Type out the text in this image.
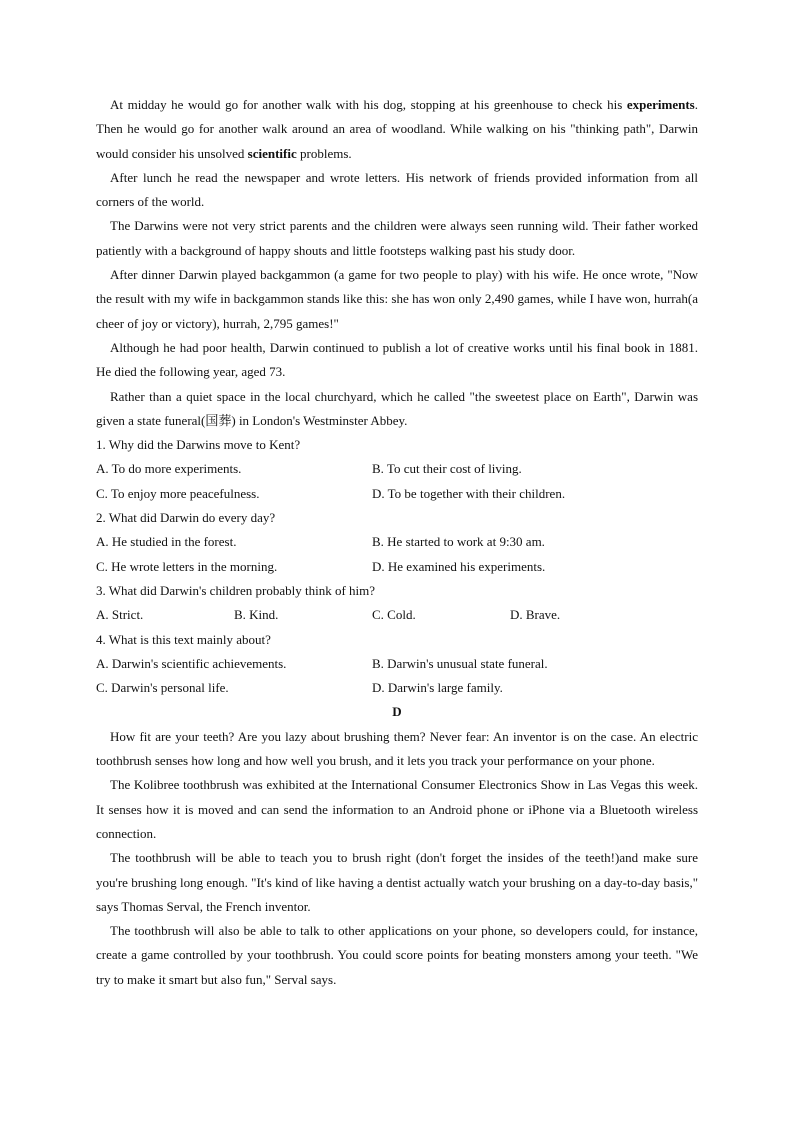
At midday he would go for another walk with his dog, stopping at his greenhouse to check his experiments. Then he would go for another walk around an area of woodland. While walking on his "thinking path", Darwin would consider his unsolved scientific problems.

After lunch he read the newspaper and wrote letters. His network of friends provided information from all corners of the world.

The Darwins were not very strict parents and the children were always seen running wild. Their father worked patiently with a background of happy shouts and little footsteps walking past his study door.

After dinner Darwin played backgammon (a game for two people to play) with his wife. He once wrote, "Now the result with my wife in backgammon stands like this: she has won only 2,490 games, while I have won, hurrah(a cheer of joy or victory), hurrah, 2,795 games!"

Although he had poor health, Darwin continued to publish a lot of creative works until his final book in 1881. He died the following year, aged 73.

Rather than a quiet space in the local churchyard, which he called "the sweetest place on Earth", Darwin was given a state funeral(国葬) in London's Westminster Abbey.

1. Why did the Darwins move to Kent?

A. To do more experiments.	B. To cut their cost of living.
C. To enjoy more peacefulness.	D. To be together with their children.

2. What did Darwin do every day?

A. He studied in the forest.	B. He started to work at 9:30 am.
C. He wrote letters in the morning.	D. He examined his experiments.

3. What did Darwin's children probably think of him?

A. Strict.	B. Kind.	C. Cold.	D. Brave.

4. What is this text mainly about?

A. Darwin's scientific achievements.	B. Darwin's unusual state funeral.
C. Darwin's personal life.	D. Darwin's large family.

D

How fit are your teeth? Are you lazy about brushing them? Never fear: An inventor is on the case. An electric toothbrush senses how long and how well you brush, and it lets you track your performance on your phone.

The Kolibree toothbrush was exhibited at the International Consumer Electronics Show in Las Vegas this week. It senses how it is moved and can send the information to an Android phone or iPhone via a Bluetooth wireless connection.

The toothbrush will be able to teach you to brush right (don't forget the insides of the teeth!)and make sure you're brushing long enough. "It's kind of like having a dentist actually watch your brushing on a day-to-day basis," says Thomas Serval, the French inventor.

The toothbrush will also be able to talk to other applications on your phone, so developers could, for instance, create a game controlled by your toothbrush. You could score points for beating monsters among your teeth. "We try to make it smart but also fun," Serval says.
